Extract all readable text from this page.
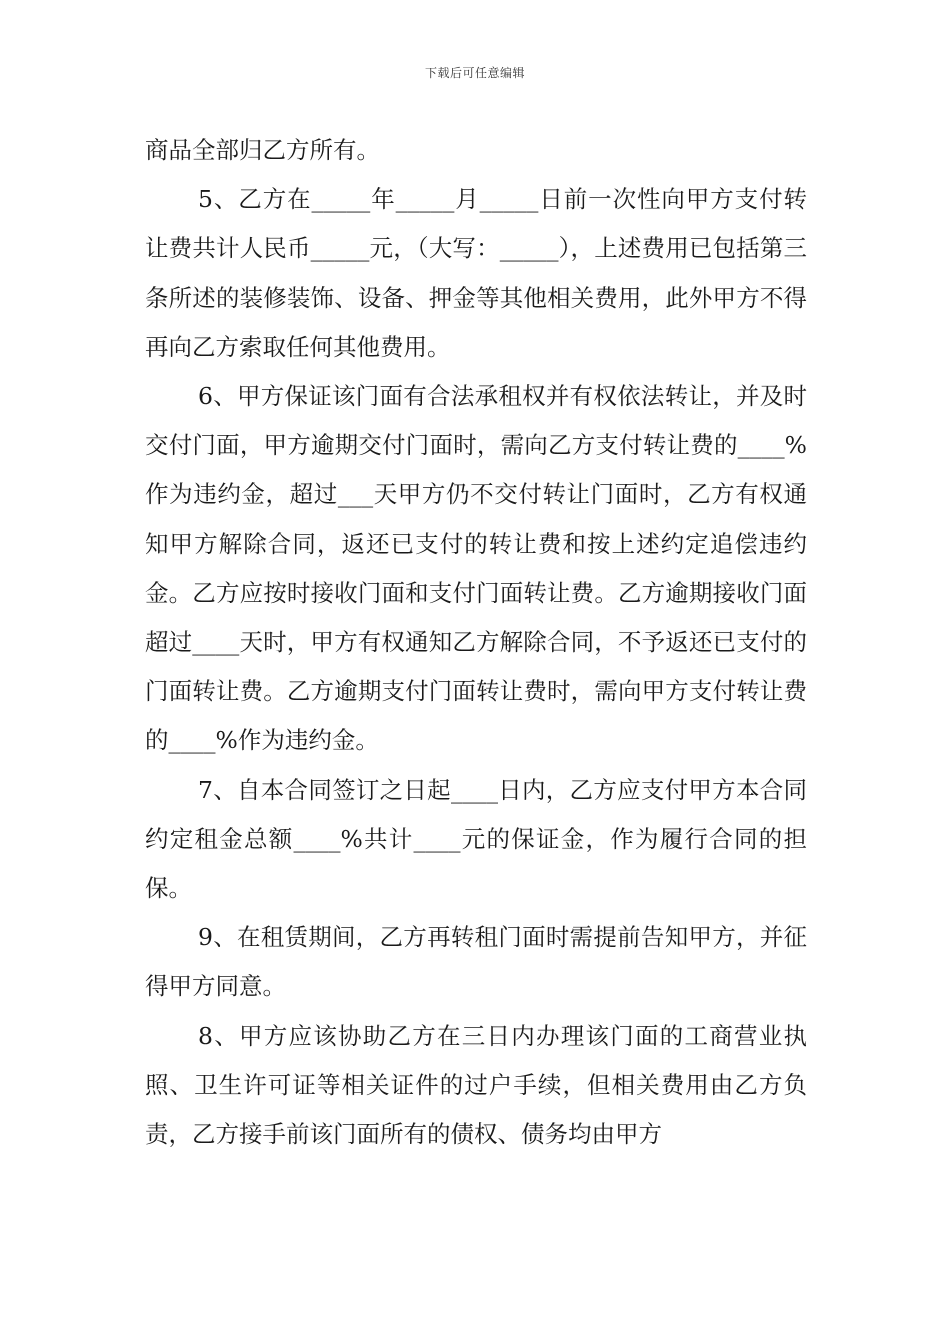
下载后可任意编辑

商品全部归乙方所有。

5、乙方在_____年_____月_____日前一次性向甲方支付转让费共计人民币_____元，（大写：_____），上述费用已包括第三条所述的装修装饰、设备、押金等其他相关费用，此外甲方不得再向乙方索取任何其他费用。

6、甲方保证该门面有合法承租权并有权依法转让，并及时交付门面，甲方逾期交付门面时，需向乙方支付转让费的____%作为违约金，超过___天甲方仍不交付转让门面时，乙方有权通知甲方解除合同，返还已支付的转让费和按上述约定追偿违约金。乙方应按时接收门面和支付门面转让费。乙方逾期接收门面超过____天时，甲方有权通知乙方解除合同，不予返还已支付的门面转让费。乙方逾期支付门面转让费时，需向甲方支付转让费的____%作为违约金。

7、自本合同签订之日起____日内，乙方应支付甲方本合同约定租金总额____%共计____元的保证金，作为履行合同的担保。

9、在租赁期间，乙方再转租门面时需提前告知甲方，并征得甲方同意。

8、甲方应该协助乙方在三日内办理该门面的工商营业执照、卫生许可证等相关证件的过户手续，但相关费用由乙方负责，乙方接手前该门面所有的债权、债务均由甲方
